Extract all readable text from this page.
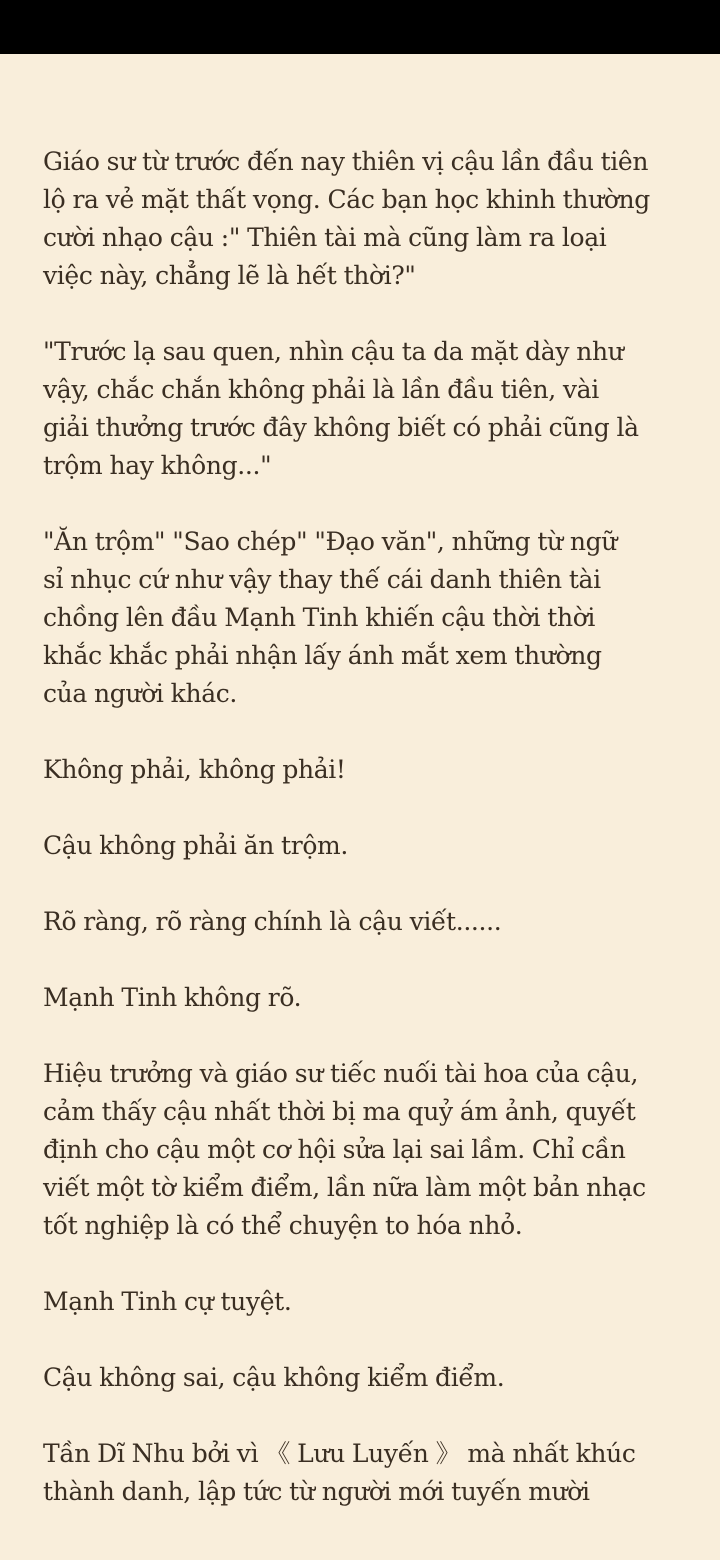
Giáo sư từ trước đến nay thiên vị cậu lần đầu tiên
lộ ra vẻ mặt thất vọng. Các bạn học khinh thường
cười nhạo cậu :" Thiên tài mà cũng làm ra loại
việc này, chẳng lẽ là hết thời?"

"Trước lạ sau quen, nhìn cậu ta da mặt dày như
vậy, chắc chắn không phải là lần đầu tiên, vài
giải thưởng trước đây không biết có phải cũng là
trộm hay không..."

"Ăn trộm" "Sao chép" "Đạo văn", những từ ngữ
sỉ nhục cứ như vậy thay thế cái danh thiên tài
chồng lên đầu Mạnh Tinh khiến cậu thời thời
khắc khắc phải nhận lấy ánh mắt xem thường
của người khác.

Không phải, không phải!

Cậu không phải ăn trộm.

Rõ ràng, rõ ràng chính là cậu viết......

Mạnh Tinh không rõ.

Hiệu trưởng và giáo sư tiếc nuối tài hoa của cậu,
cảm thấy cậu nhất thời bị ma quỷ ám ảnh, quyết
định cho cậu một cơ hội sửa lại sai lầm. Chỉ cần
viết một tờ kiểm điểm, lần nữa làm một bản nhạc
tốt nghiệp là có thể chuyện to hóa nhỏ.

Mạnh Tinh cự tuyệt.

Cậu không sai, cậu không kiểm điểm.

Tần Dĩ Nhu bởi vì 《 Lưu Luyến 》 mà nhất khúc
thành danh, lập tức từ người mới tuyến mười
